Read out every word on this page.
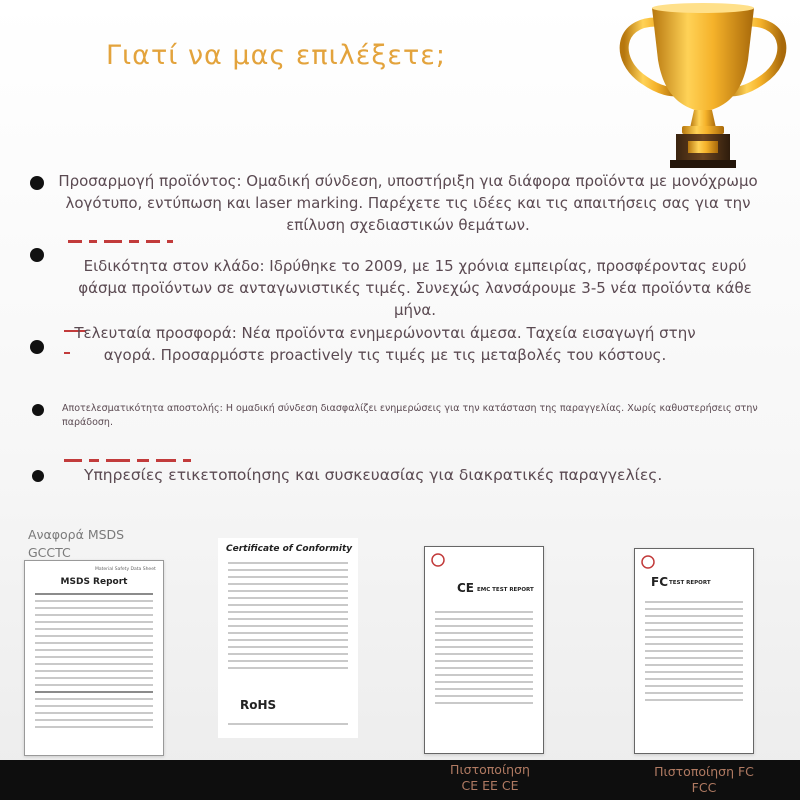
Γιατί να μας επιλέξετε;
Προσαρμογή προϊόντος: Ομαδική σύνδεση, υποστήριξη για διάφορα προϊόντα με μονόχρωμο λογότυπο, εντύπωση και laser marking. Παρέχετε τις ιδέες και τις απαιτήσεις σας για την επίλυση σχεδιαστικών θεμάτων.
Ειδικότητα στον κλάδο: Ιδρύθηκε το 2009, με 15 χρόνια εμπειρίας, προσφέροντας ευρύ φάσμα προϊόντων σε ανταγωνιστικές τιμές. Συνεχώς λανσάρουμε 3-5 νέα προϊόντα κάθε μήνα.
Τελευταία προσφορά: Νέα προϊόντα ενημερώνονται άμεσα. Ταχεία εισαγωγή στην αγορά. Προσαρμόστε proactively τις τιμές με τις μεταβολές του κόστους.
Αποτελεσματικότητα αποστολής: Η ομαδική σύνδεση διασφαλίζει ενημερώσεις για την κατάσταση της παραγγελίας. Χωρίς καθυστερήσεις στην παράδοση.
Υπηρεσίες ετικετοποίησης και συσκευασίας για διακρατικές παραγγελίες.
Material Safety Data Sheet
MSDS Report
Certificate of Conformity
RoHS
CE EMC TEST REPORT
FC TEST REPORT
Αναφορά MSDS GCCTC
Πιστοποίηση CE EE CE
Πιστοποίηση FC FCC
